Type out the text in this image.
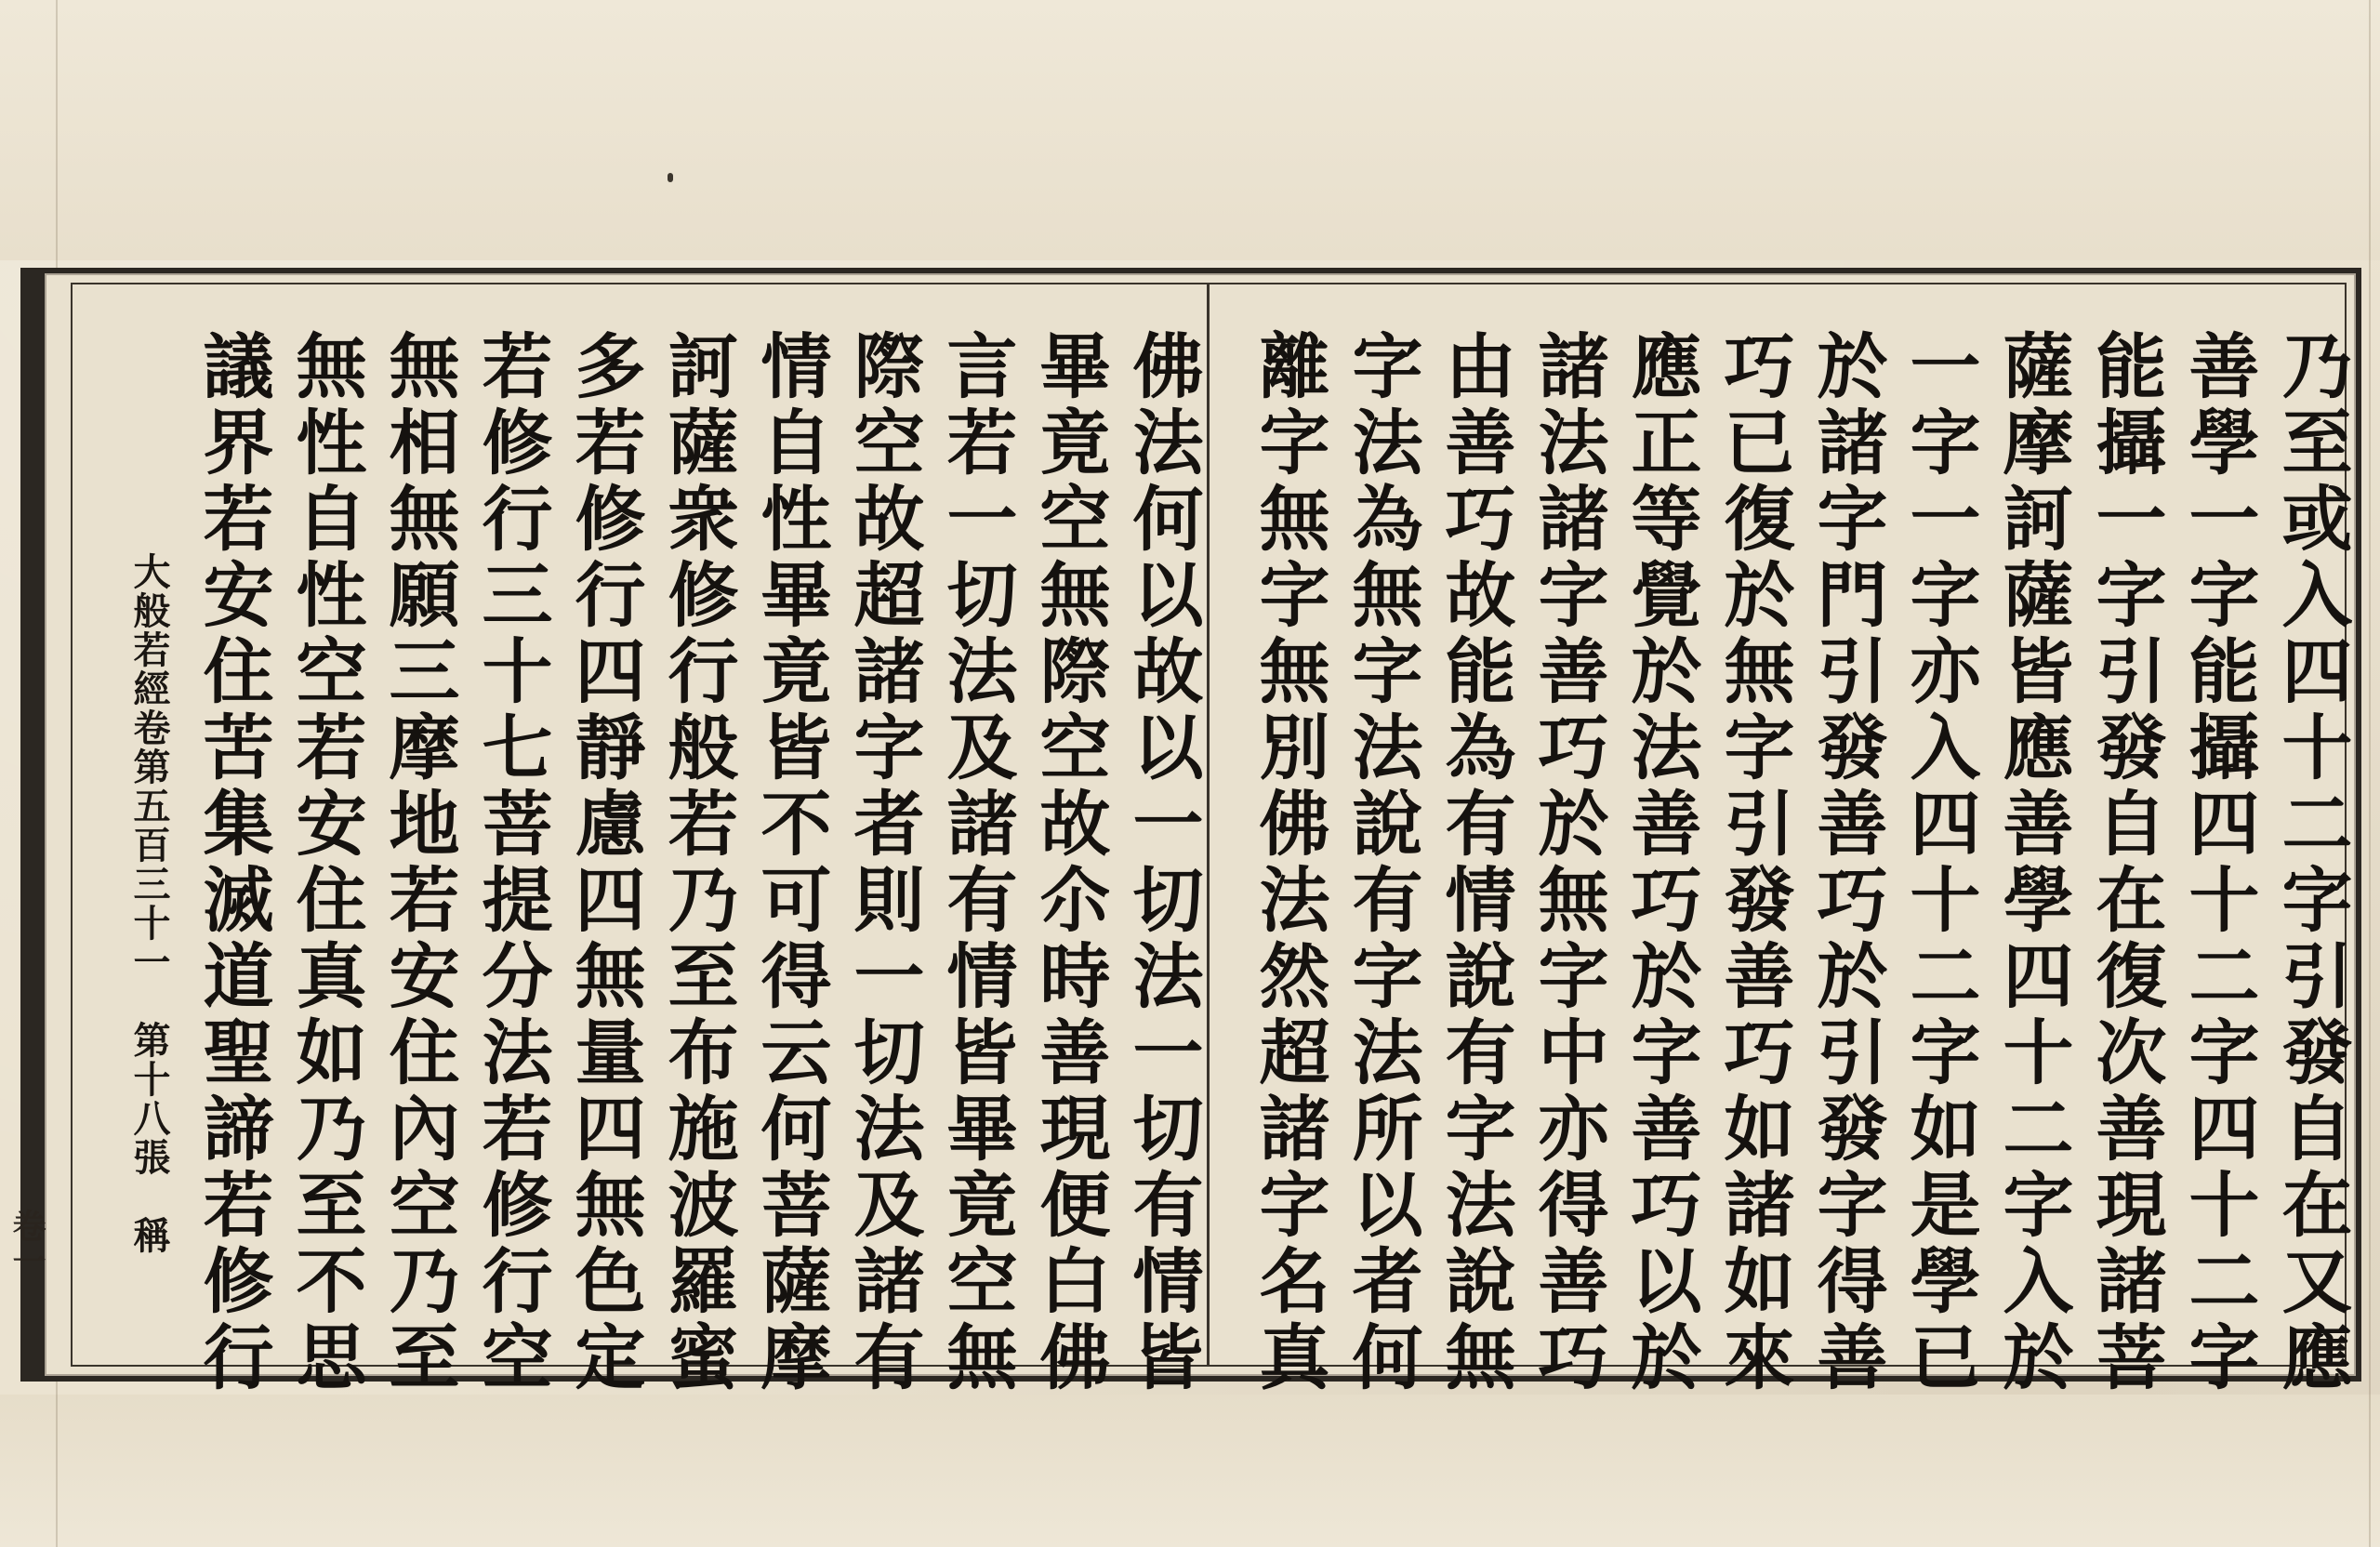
乃至或入四十二字引發自在又應
善學一字能攝四十二字四十二字
能攝一字引發自在復次善現諸菩
薩摩訶薩皆應善學四十二字入於
一字一字亦入四十二字如是學已
於諸字門引發善巧於引發字得善
巧已復於無字引發善巧如諸如來
應正等覺於法善巧於字善巧以於
諸法諸字善巧於無字中亦得善巧
由善巧故能為有情說有字法說無
字法為無字法說有字法所以者何
離字無字無別佛法然超諸字名真
佛法何以故以一切法一切有情皆
畢竟空無際空故尒時善現便白佛
言若一切法及諸有情皆畢竟空無
際空故超諸字者則一切法及諸有
情自性畢竟皆不可得云何菩薩摩
訶薩衆修行般若乃至布施波羅蜜
多若修行四靜慮四無量四無色定
若修行三十七菩提分法若修行空
無相無願三摩地若安住內空乃至
無性自性空若安住真如乃至不思
議界若安住苦集滅道聖諦若修行
大般若經卷第五百三十一　第十八張　稱
卷一
